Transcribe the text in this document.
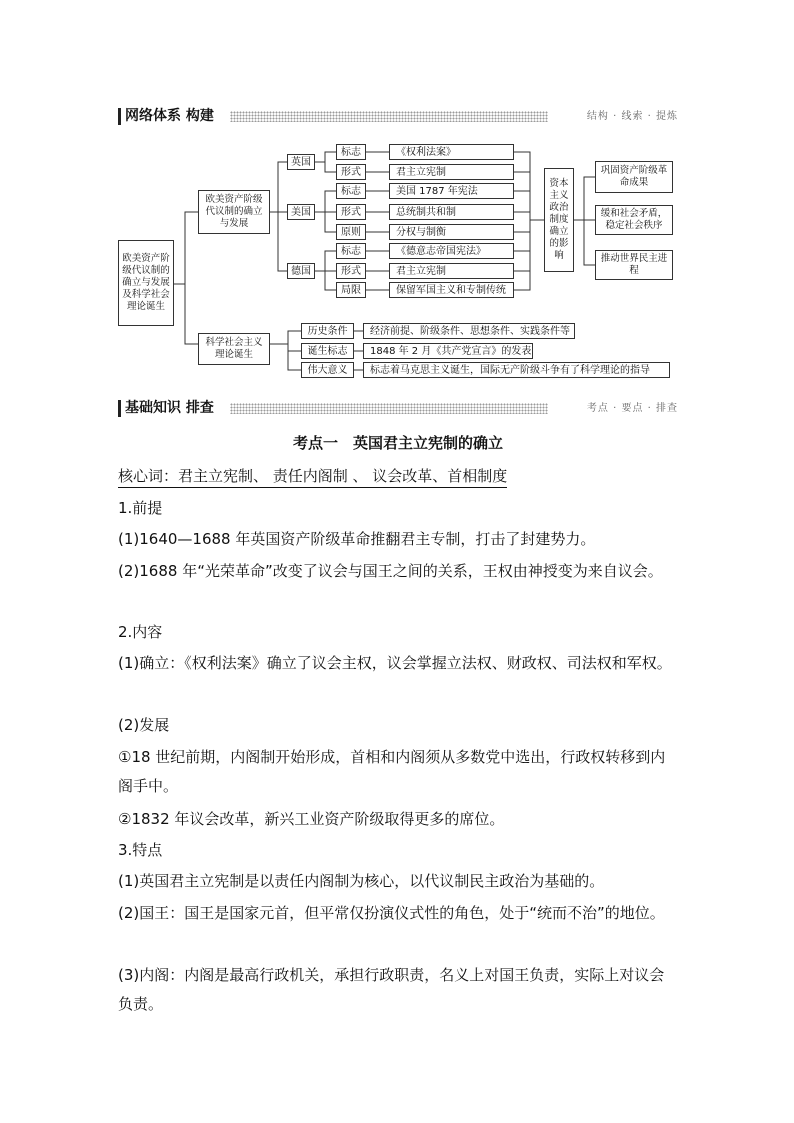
网络体系 构建	结构 · 线索 · 提炼
欧美资产阶级代议制的确立与发展及科学社会理论诞生
欧美资产阶级代议制的确立与发展
科学社会主义理论诞生
英国
美国
德国
标志	《权利法案》
形式	君主立宪制
标志	美国 1787 年宪法
形式	总统制共和制
原则	分权与制衡
标志	《德意志帝国宪法》
形式	君主立宪制
局限	保留军国主义和专制传统
资本主义政治制度确立的影响
巩固资产阶级革命成果
缓和社会矛盾，稳定社会秩序
推动世界民主进程
历史条件	经济前提、阶级条件、思想条件、实践条件等
诞生标志	1848 年 2 月《共产党宣言》的发表
伟大意义	标志着马克思主义诞生，国际无产阶级斗争有了科学理论的指导
基础知识 排查	考点 · 要点 · 排查
考点一　英国君主立宪制的确立
核心词：君主立宪制、 责任内阁制 、 议会改革、首相制度
1.前提
(1)1640—1688 年英国资产阶级革命推翻君主专制，打击了封建势力。
(2)1688 年“光荣革命”改变了议会与国王之间的关系，王权由神授变为来自议会。
2.内容
(1)确立：《权利法案》确立了议会主权，议会掌握立法权、财政权、司法权和军权。
(2)发展
①18 世纪前期，内阁制开始形成，首相和内阁须从多数党中选出，行政权转移到内阁手中。
②1832 年议会改革，新兴工业资产阶级取得更多的席位。
3.特点
(1)英国君主立宪制是以责任内阁制为核心，以代议制民主政治为基础的。
(2)国王：国王是国家元首，但平常仅扮演仪式性的角色，处于“统而不治”的地位。
(3)内阁：内阁是最高行政机关，承担行政职责，名义上对国王负责，实际上对议会负责。
